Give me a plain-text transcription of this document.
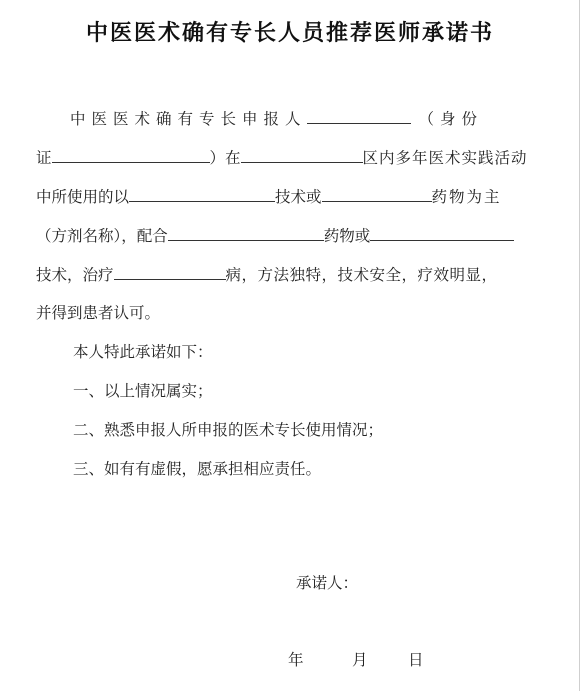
中医医术确有专长人员推荐医师承诺书
中医医术确有专长申报人	（身份
证	）在	区内多年医术实践活动
中所使用的以	技术或	药物为主
（方剂名称），配合	药物或
技术，治疗	病，方法独特，技术安全，疗效明显，
并得到患者认可。
本人特此承诺如下：
一、以上情况属实；
二、熟悉申报人所申报的医术专长使用情况；
三、如有有虚假，愿承担相应责任。
承诺人：
年	月	日
